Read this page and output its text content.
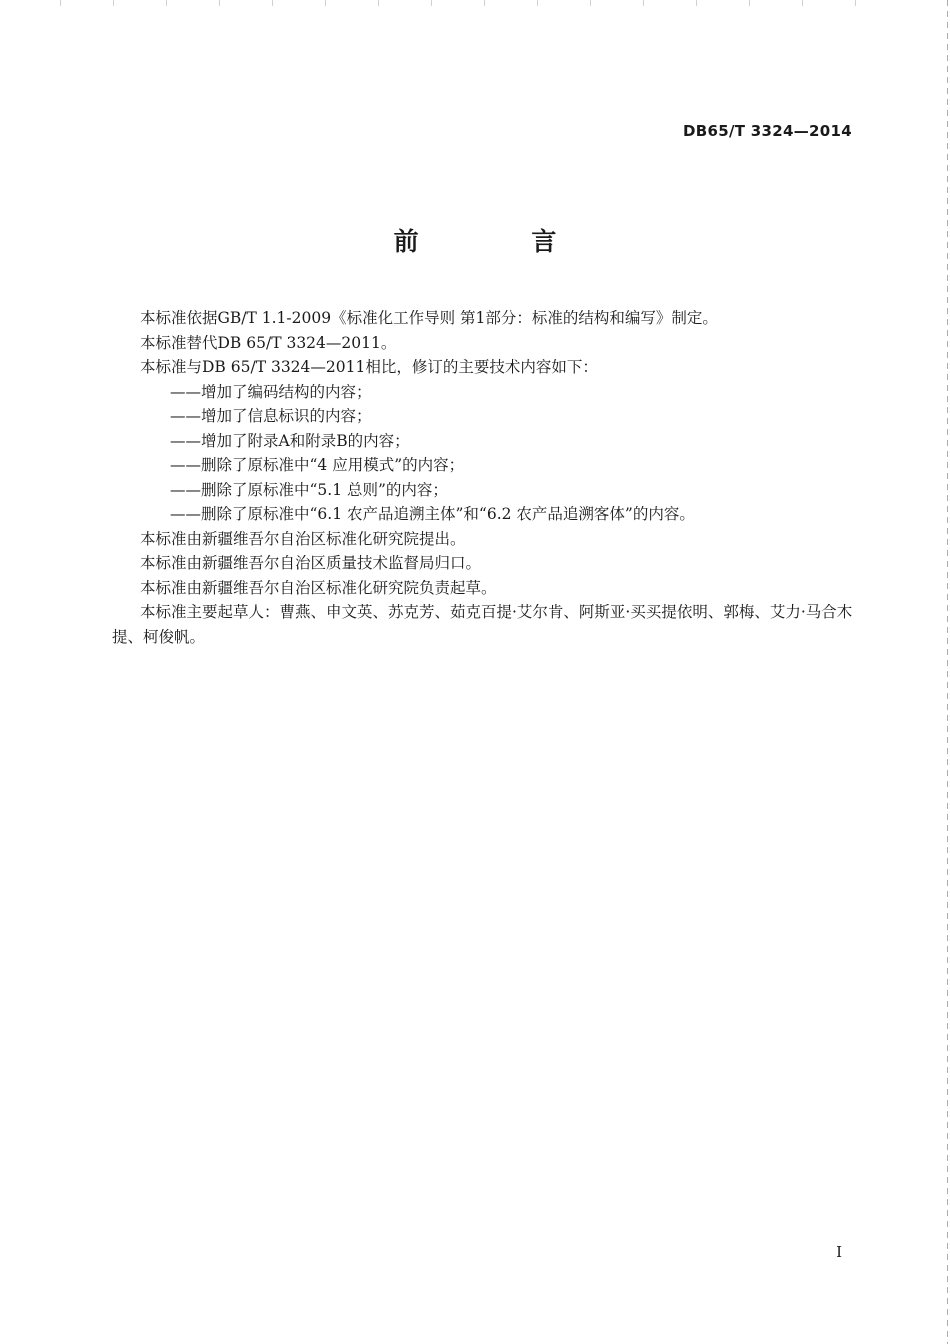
DB65/T 3324—2014
前 言

本标准依据GB/T 1.1-2009《标准化工作导则 第1部分：标准的结构和编写》制定。

本标准替代DB 65/T 3324—2011。

本标准与DB 65/T 3324—2011相比，修订的主要技术内容如下：

——增加了编码结构的内容；

——增加了信息标识的内容；

——增加了附录A和附录B的内容；

——删除了原标准中“4 应用模式”的内容；

——删除了原标准中“5.1 总则”的内容；

——删除了原标准中“6.1 农产品追溯主体”和“6.2 农产品追溯客体”的内容。

本标准由新疆维吾尔自治区标准化研究院提出。

本标准由新疆维吾尔自治区质量技术监督局归口。

本标准由新疆维吾尔自治区标准化研究院负责起草。

本标准主要起草人：曹燕、申文英、苏克芳、茹克百提·艾尔肯、阿斯亚·买买提依明、郭梅、艾力·马合木提、柯俊帆。

I
